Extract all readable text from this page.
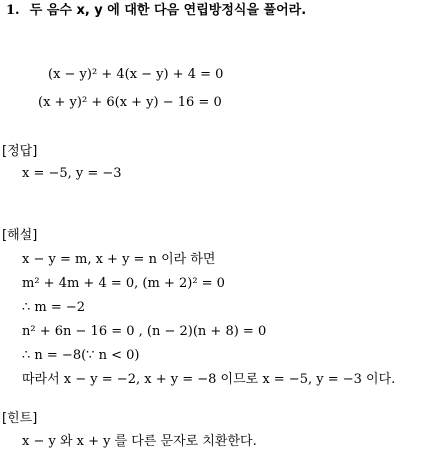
1. 두 음수 x, y 에 대한 다음 연립방정식을 풀어라.
(x − y)² + 4(x − y) + 4 = 0
(x + y)² + 6(x + y) − 16 = 0
[정답]
x = −5, y = −3
[해설]
x − y = m, x + y = n 이라 하면
m² + 4m + 4 = 0, (m + 2)² = 0
∴ m = −2
n² + 6n − 16 = 0 , (n − 2)(n + 8) = 0
∴ n = −8(∵ n < 0)
따라서 x − y = −2, x + y = −8 이므로 x = −5, y = −3 이다.
[힌트]
x − y 와 x + y 를 다른 문자로 치환한다.
